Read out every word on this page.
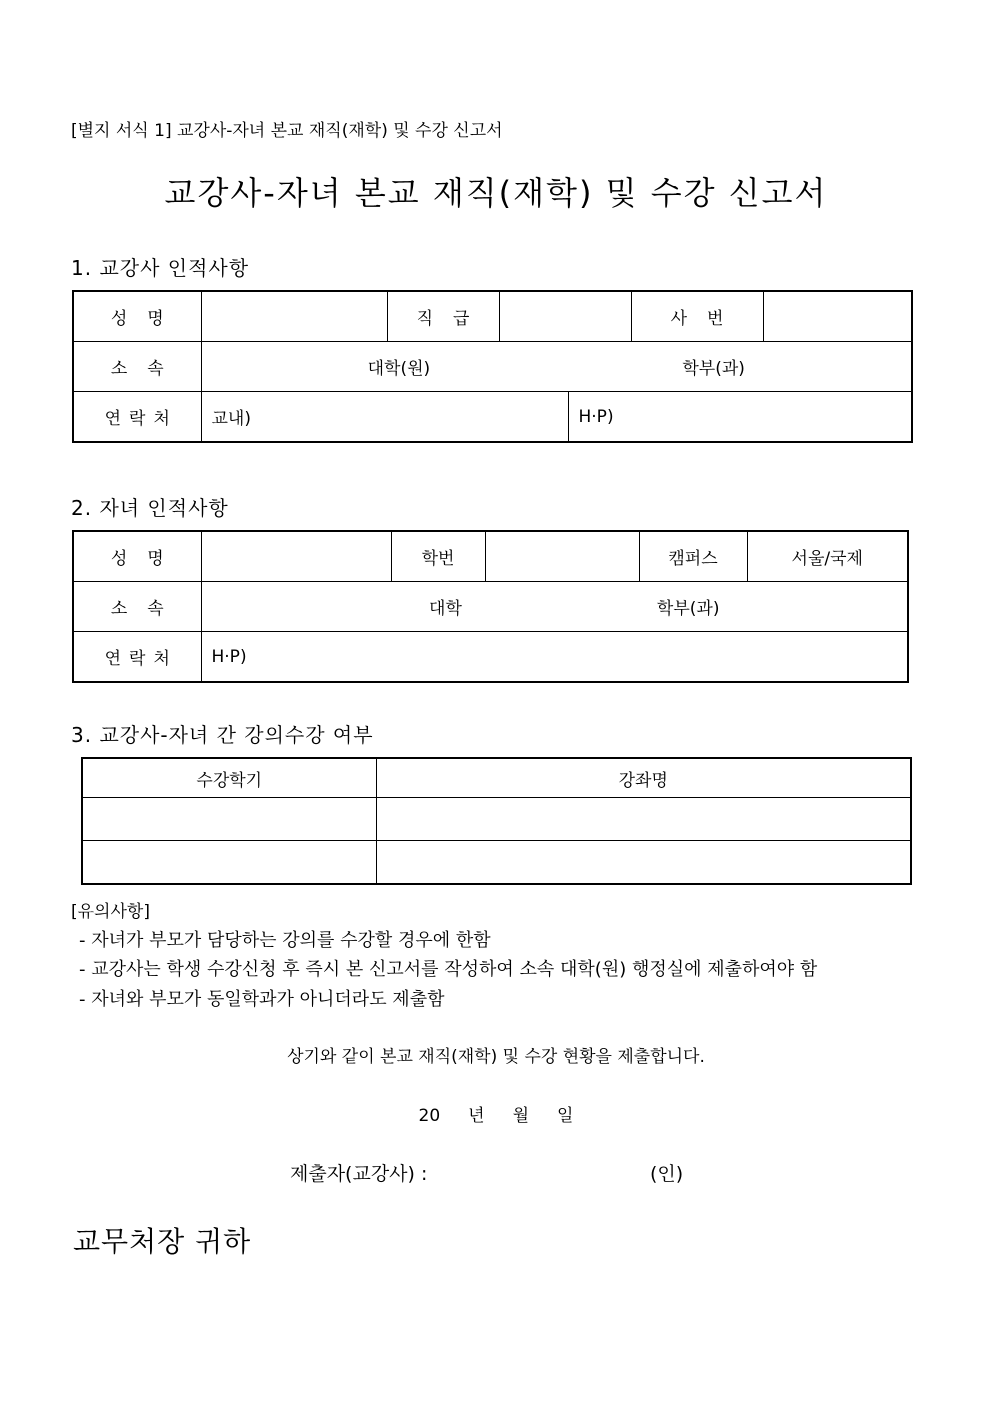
[별지 서식 1] 교강사-자녀 본교 재직(재학) 및 수강 신고서
교강사-자녀 본교 재직(재학) 및 수강 신고서
1. 교강사 인적사항
성명		직급			사번	
소속	대학(원) 학부(과)					

연락처	교내)			H·P)		
2. 자녀 인적사항
성명		학번		캠퍼스	서울/국제
소속	대학 학부(과)				

연락처	H·P)				
3. 교강사-자녀 간 강의수강 여부
수강학기	강좌명

[유의사항]
- 자녀가 부모가 담당하는 강의를 수강할 경우에 한함
- 교강사는 학생 수강신청 후 즉시 본 신고서를 작성하여 소속 대학(원) 행정실에 제출하여야 함
- 자녀와 부모가 동일학과가 아니더라도 제출함
상기와 같이 본교 재직(재학) 및 수강 현황을 제출합니다.
20 년 월 일
제출자(교강사) :	(인)
교무처장 귀하
